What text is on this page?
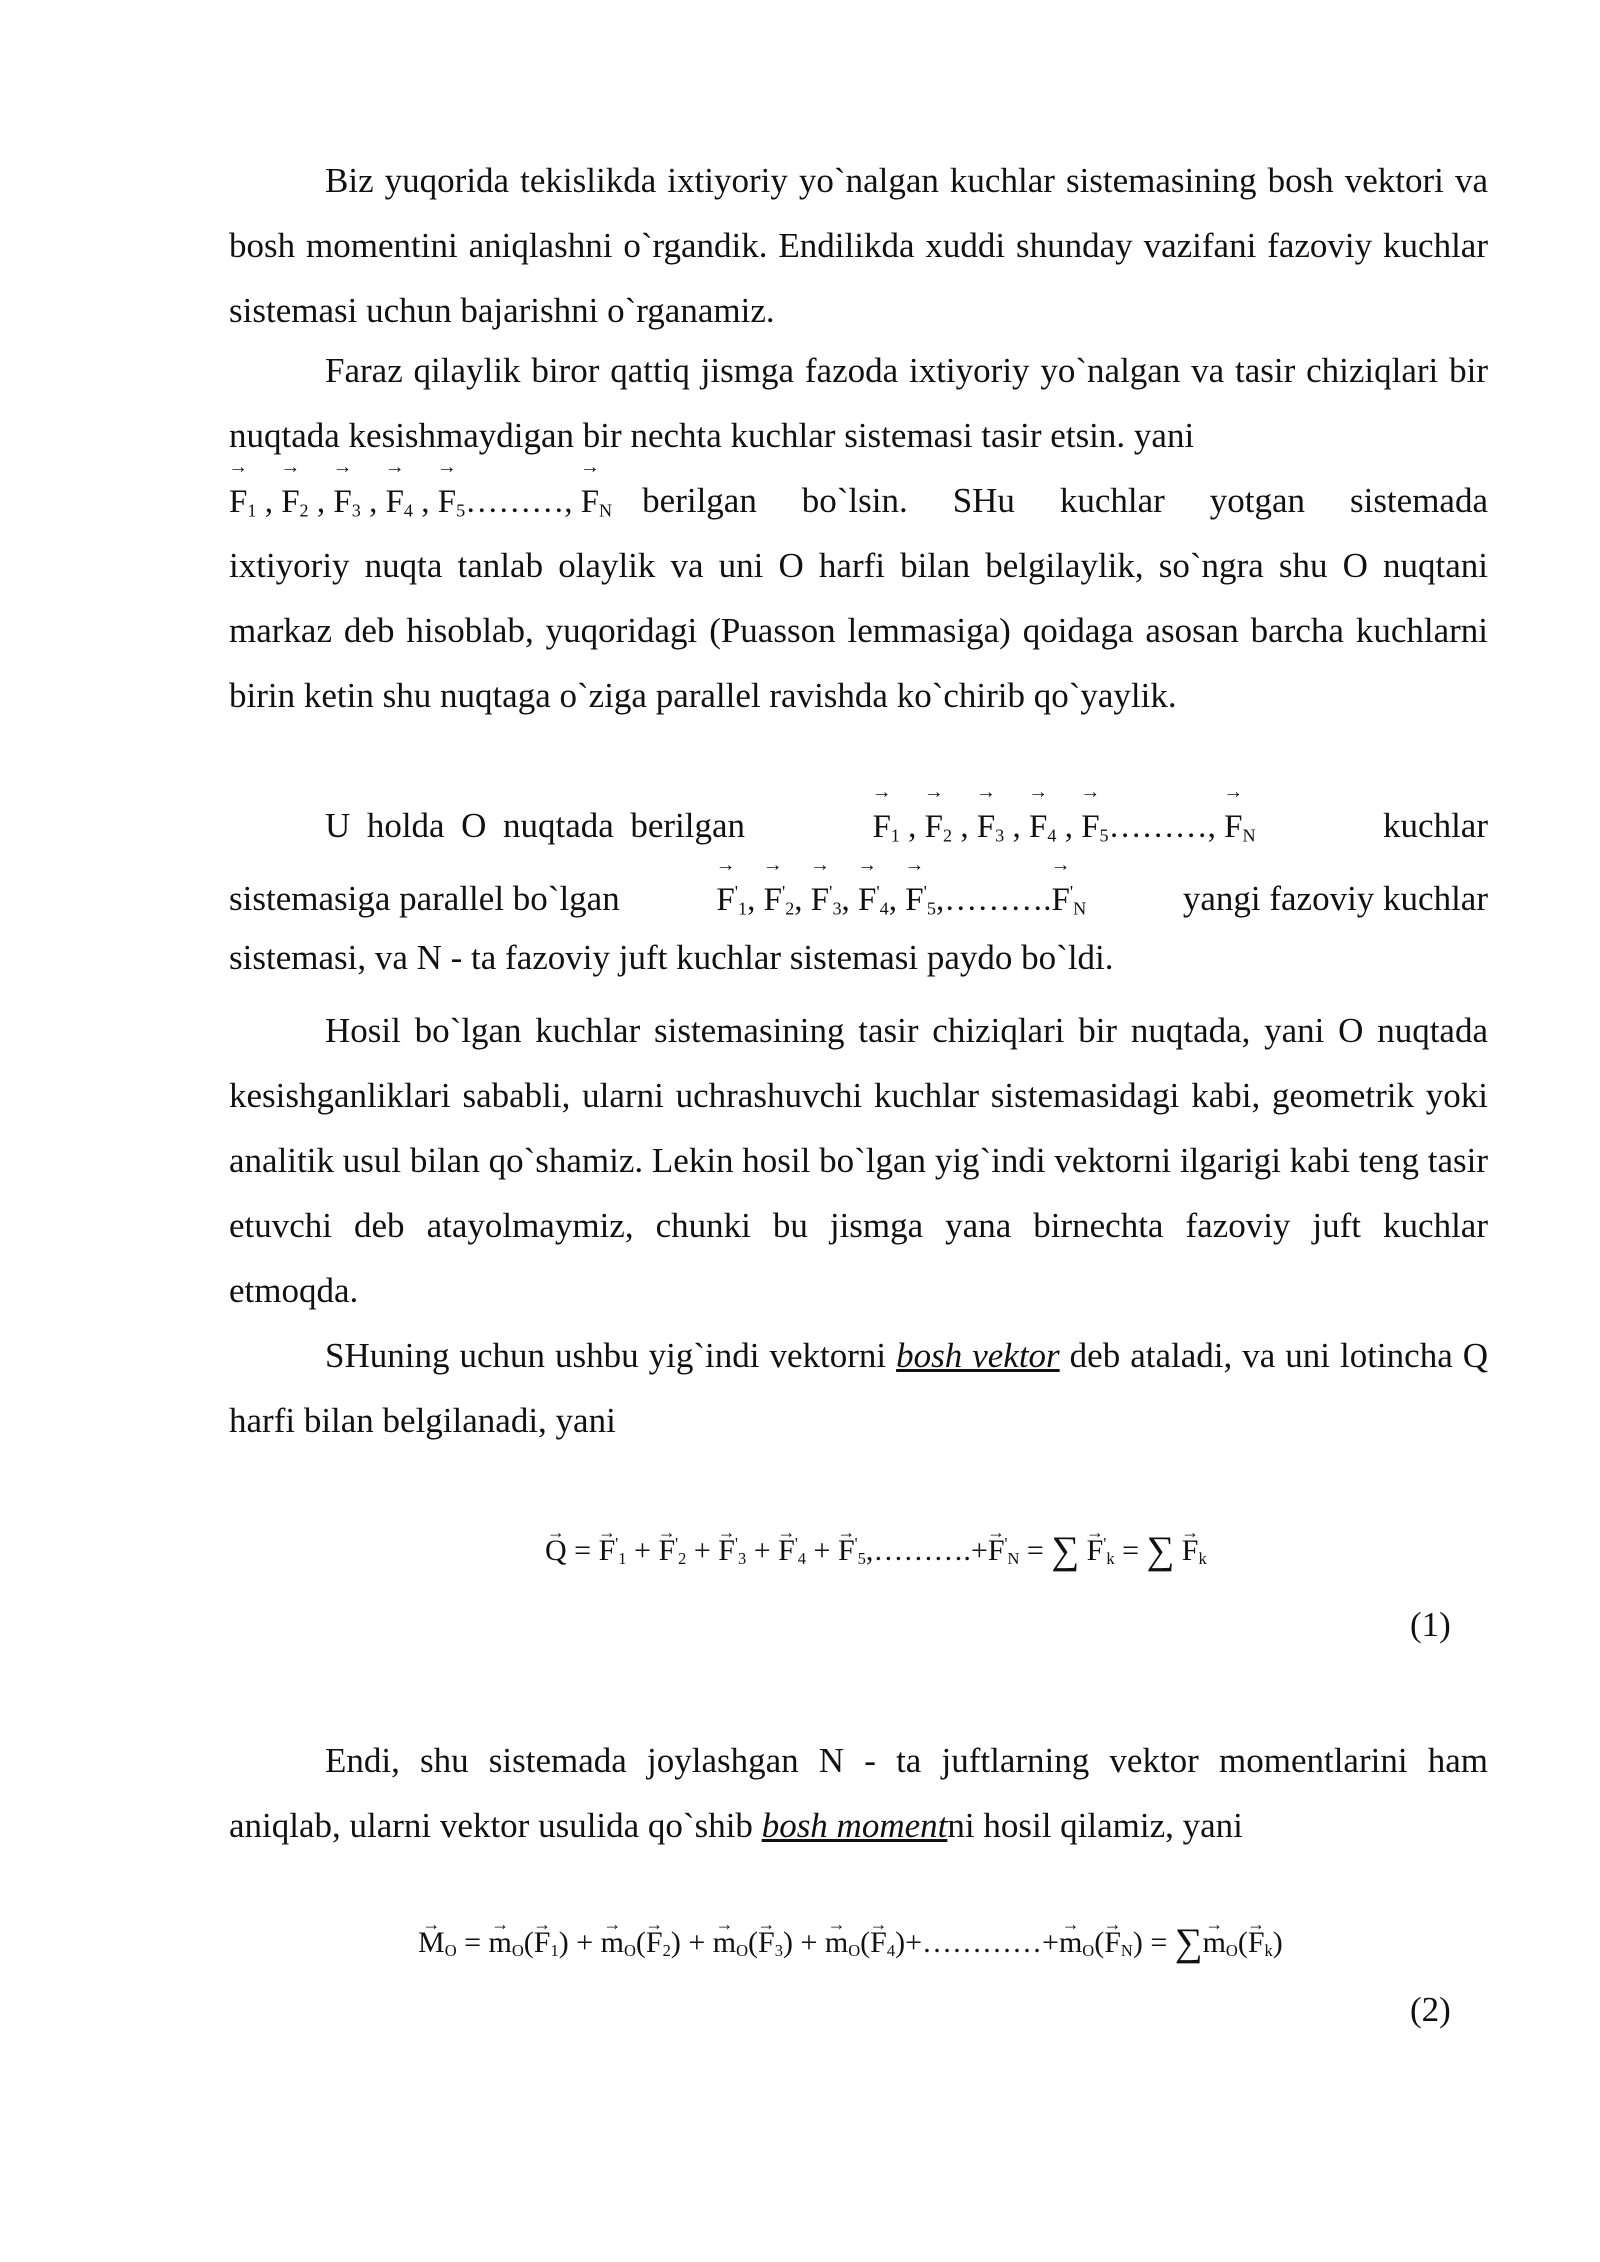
Biz yuqorida tekislikda ixtiyoriy yo`nalgan kuchlar sistemasining bosh vektori va bosh momentini aniqlashni o`rgandik. Endilikda xuddi shunday vazifani fazoviy kuchlar sistemasi uchun bajarishni o`rganamiz.

Faraz qilaylik biror qattiq jismga fazoda ixtiyoriy yo`nalgan va tasir chiziqlari bir nuqtada kesishmaydigan bir nechta kuchlar sistemasi tasir etsin. yani

→ $F_1$ , → $F_2$ , → $F_3$ , → $F_4$ , → $F_5\dots\dots\dots$, → $F_N$ berilgan bo`lsin. SHu kuchlar yotgan sistemada

ixtiyoriy nuqta tanlab olaylik va uni O harfi bilan belgilaylik, so`ngra shu O nuqtani markaz deb hisoblab, yuqoridagi (Puasson lemmasiga) qoidaga asosan barcha kuchlarni birin ketin shu nuqtaga o`ziga parallel ravishda ko`chirib qo`yaylik.

U holda O nuqtada berilgan	→ $F_1$ , → $F_2$ , → $F_3$ , → $F_4$ , → $F_5\dots\dots\dots$, → $F_N$	kuchlar
sistemasiga parallel bo`lgan	→ $F'_1$, → $F'_2$, → $F'_3$, → $F'_4$, → $F'_5,\dots\dots\dots.\to F'_N$	yangi fazoviy kuchlar
sistemasi, va N - ta fazoviy juft kuchlar sistemasi paydo bo`ldi.

Hosil bo`lgan kuchlar sistemasining tasir chiziqlari bir nuqtada, yani O nuqtada kesishganliklari sababli, ularni uchrashuvchi kuchlar sistemasidagi kabi, geometrik yoki analitik usul bilan qo`shamiz. Lekin hosil bo`lgan yig`indi vektorni ilgarigi kabi teng tasir etuvchi deb atayolmaymiz, chunki bu jismga yana birnechta fazoviy juft kuchlar etmoqda.

SHuning uchun ushbu yig`indi vektorni bosh vektor deb ataladi, va uni lotincha Q harfi bilan belgilanadi, yani

→ Q = → $F'_1$ + → $F'_2$ + → $F'_3$ + → $F'_4$ + → $F'_5,\dots\dots\dots.+\to F'_N$ = ∑ → $F'_k$ = ∑ → $F_k$
(1)

Endi, shu sistemada joylashgan N - ta juftlarning vektor momentlarini ham aniqlab, ularni vektor usulida qo`shib bosh momentni hosil qilamiz, yani

→ $M_O$ = → $m_O(\to F_1)$ + → $m_O(\to F_2)$ + → $m_O(\to F_3)$ + → $m_O(\to$ $F_4)+\dots\dots\dots\dots+\to m_O(\to F_N)$ = ∑→ $m_O(\to F_k)$
(2)
